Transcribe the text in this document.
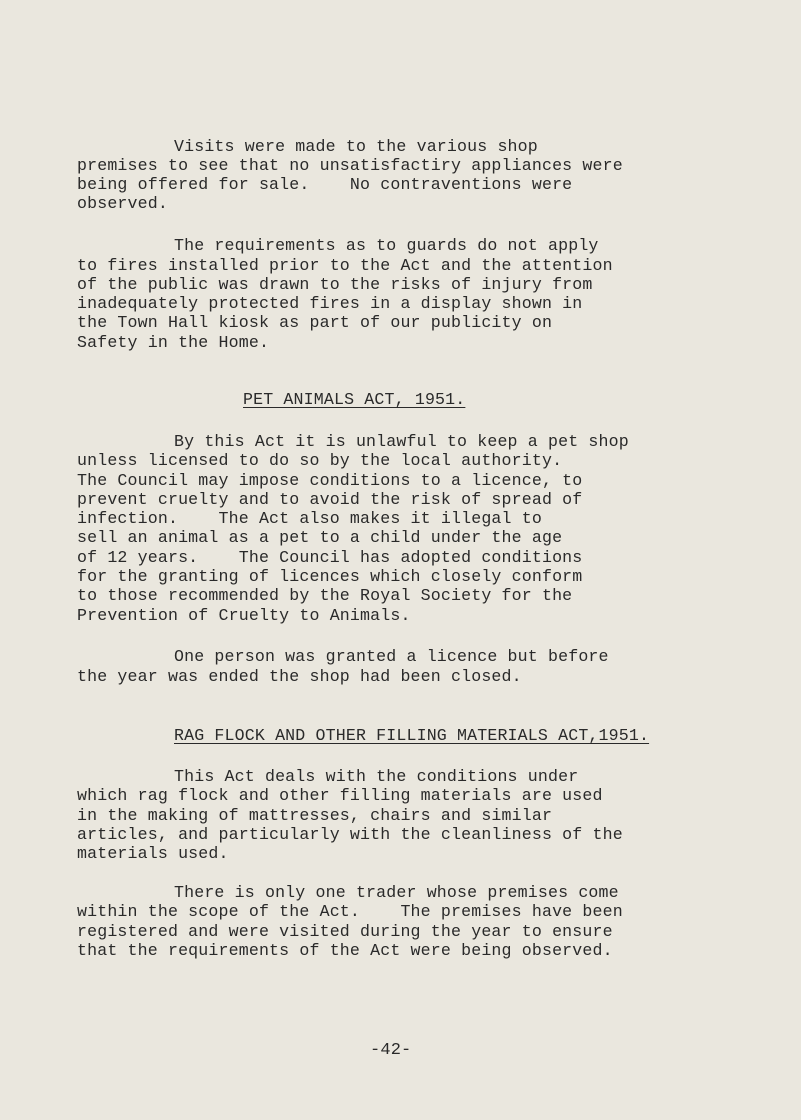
Visits were made to the various shop
premises to see that no unsatisfactiry appliances were
being offered for sale.    No contraventions were
observed.
The requirements as to guards do not apply
to fires installed prior to the Act and the attention
of the public was drawn to the risks of injury from
inadequately protected fires in a display shown in
the Town Hall kiosk as part of our publicity on
Safety in the Home.
PET ANIMALS ACT, 1951.
By this Act it is unlawful to keep a pet shop
unless licensed to do so by the local authority.
The Council may impose conditions to a licence, to
prevent cruelty and to avoid the risk of spread of
infection.    The Act also makes it illegal to
sell an animal as a pet to a child under the age
of 12 years.    The Council has adopted conditions
for the granting of licences which closely conform
to those recommended by the Royal Society for the
Prevention of Cruelty to Animals.
One person was granted a licence but before
the year was ended the shop had been closed.
RAG FLOCK AND OTHER FILLING MATERIALS ACT,1951.
This Act deals with the conditions under
which rag flock and other filling materials are used
in the making of mattresses, chairs and similar
articles, and particularly with the cleanliness of the
materials used.
There is only one trader whose premises come
within the scope of the Act.    The premises have been
registered and were visited during the year to ensure
that the requirements of the Act were being observed.
-42-
